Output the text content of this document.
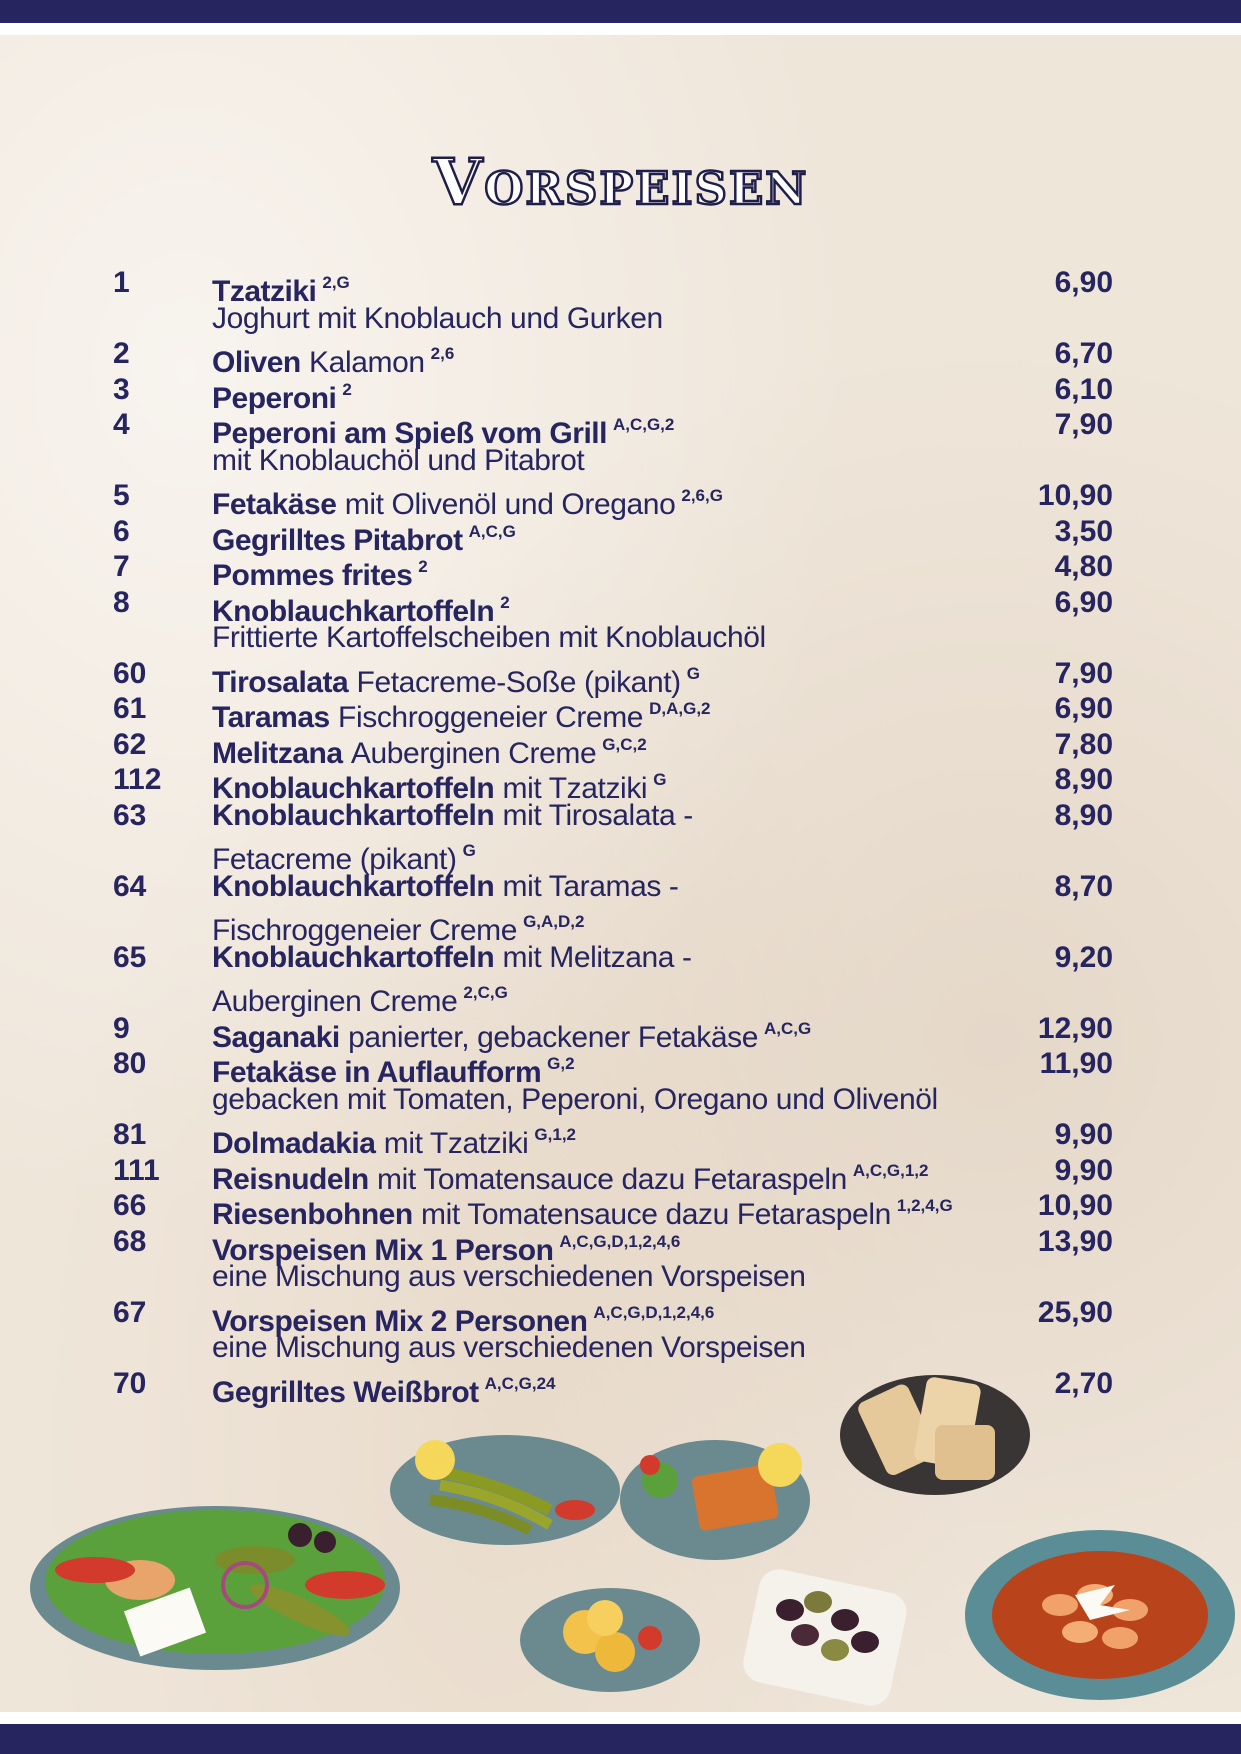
Vorspeisen
1	Tzatziki $^{2,G}$	6,90
Joghurt mit Knoblauch und Gurken
2	Oliven Kalamon $^{2,6}$	6,70
3	Peperoni $^2$	6,10
4	Peperoni am Spieß vom Grill $^{A,C,G,2}$	7,90
mit Knoblauchöl und Pitabrot
5	Fetakäse mit Olivenöl und Oregano $^{2,6,G}$	10,90
6	Gegrilltes Pitabrot $^{A,C,G}$	3,50
7	Pommes frites $^2$	4,80
8	Knoblauchkartoffeln $^2$	6,90
Frittierte Kartoffelscheiben mit Knoblauchöl
60 Tirosalata Fetacreme-Soße (pikant) $^G$	7,90
61 Taramas Fischroggeneier Creme $^{D,A,G,2}$	6,90
62 Melitzana Auberginen Creme $^{G,C,2}$	7,80
112 Knoblauchkartoffeln mit Tzatziki $^G$	8,90
63 Knoblauchkartoffeln mit Tirosalata -	8,90
Fetacreme (pikant) $^G$
64 Knoblauchkartoffeln mit Taramas -	8,70
Fischroggeneier Creme $^{G,A,D,2}$
65 Knoblauchkartoffeln mit Melitzana -	9,20
Auberginen Creme $^{2,C,G}$
9	Saganaki panierter, gebackener Fetakäse $^{A,C,G}$	12,90
80 Fetakäse in Auflaufform $^{G,2}$	11,90
gebacken mit Tomaten, Peperoni, Oregano und Olivenöl
81 Dolmadakia mit Tzatziki $^{G,1,2}$	9,90
111 Reisnudeln mit Tomatensauce dazu Fetaraspeln $^{A,C,G,1,2}$	9,90
66 Riesenbohnen mit Tomatensauce dazu Fetaraspeln $^{1,2,4,G}$	10,90
68 Vorspeisen Mix 1 Person $^{A,C,G,D,1,2,4,6}$	13,90
eine Mischung aus verschiedenen Vorspeisen
67 Vorspeisen Mix 2 Personen $^{A,C,G,D,1,2,4,6}$	25,90
eine Mischung aus verschiedenen Vorspeisen
70 Gegrilltes Weißbrot $^{A,C,G,24}$	2,70
